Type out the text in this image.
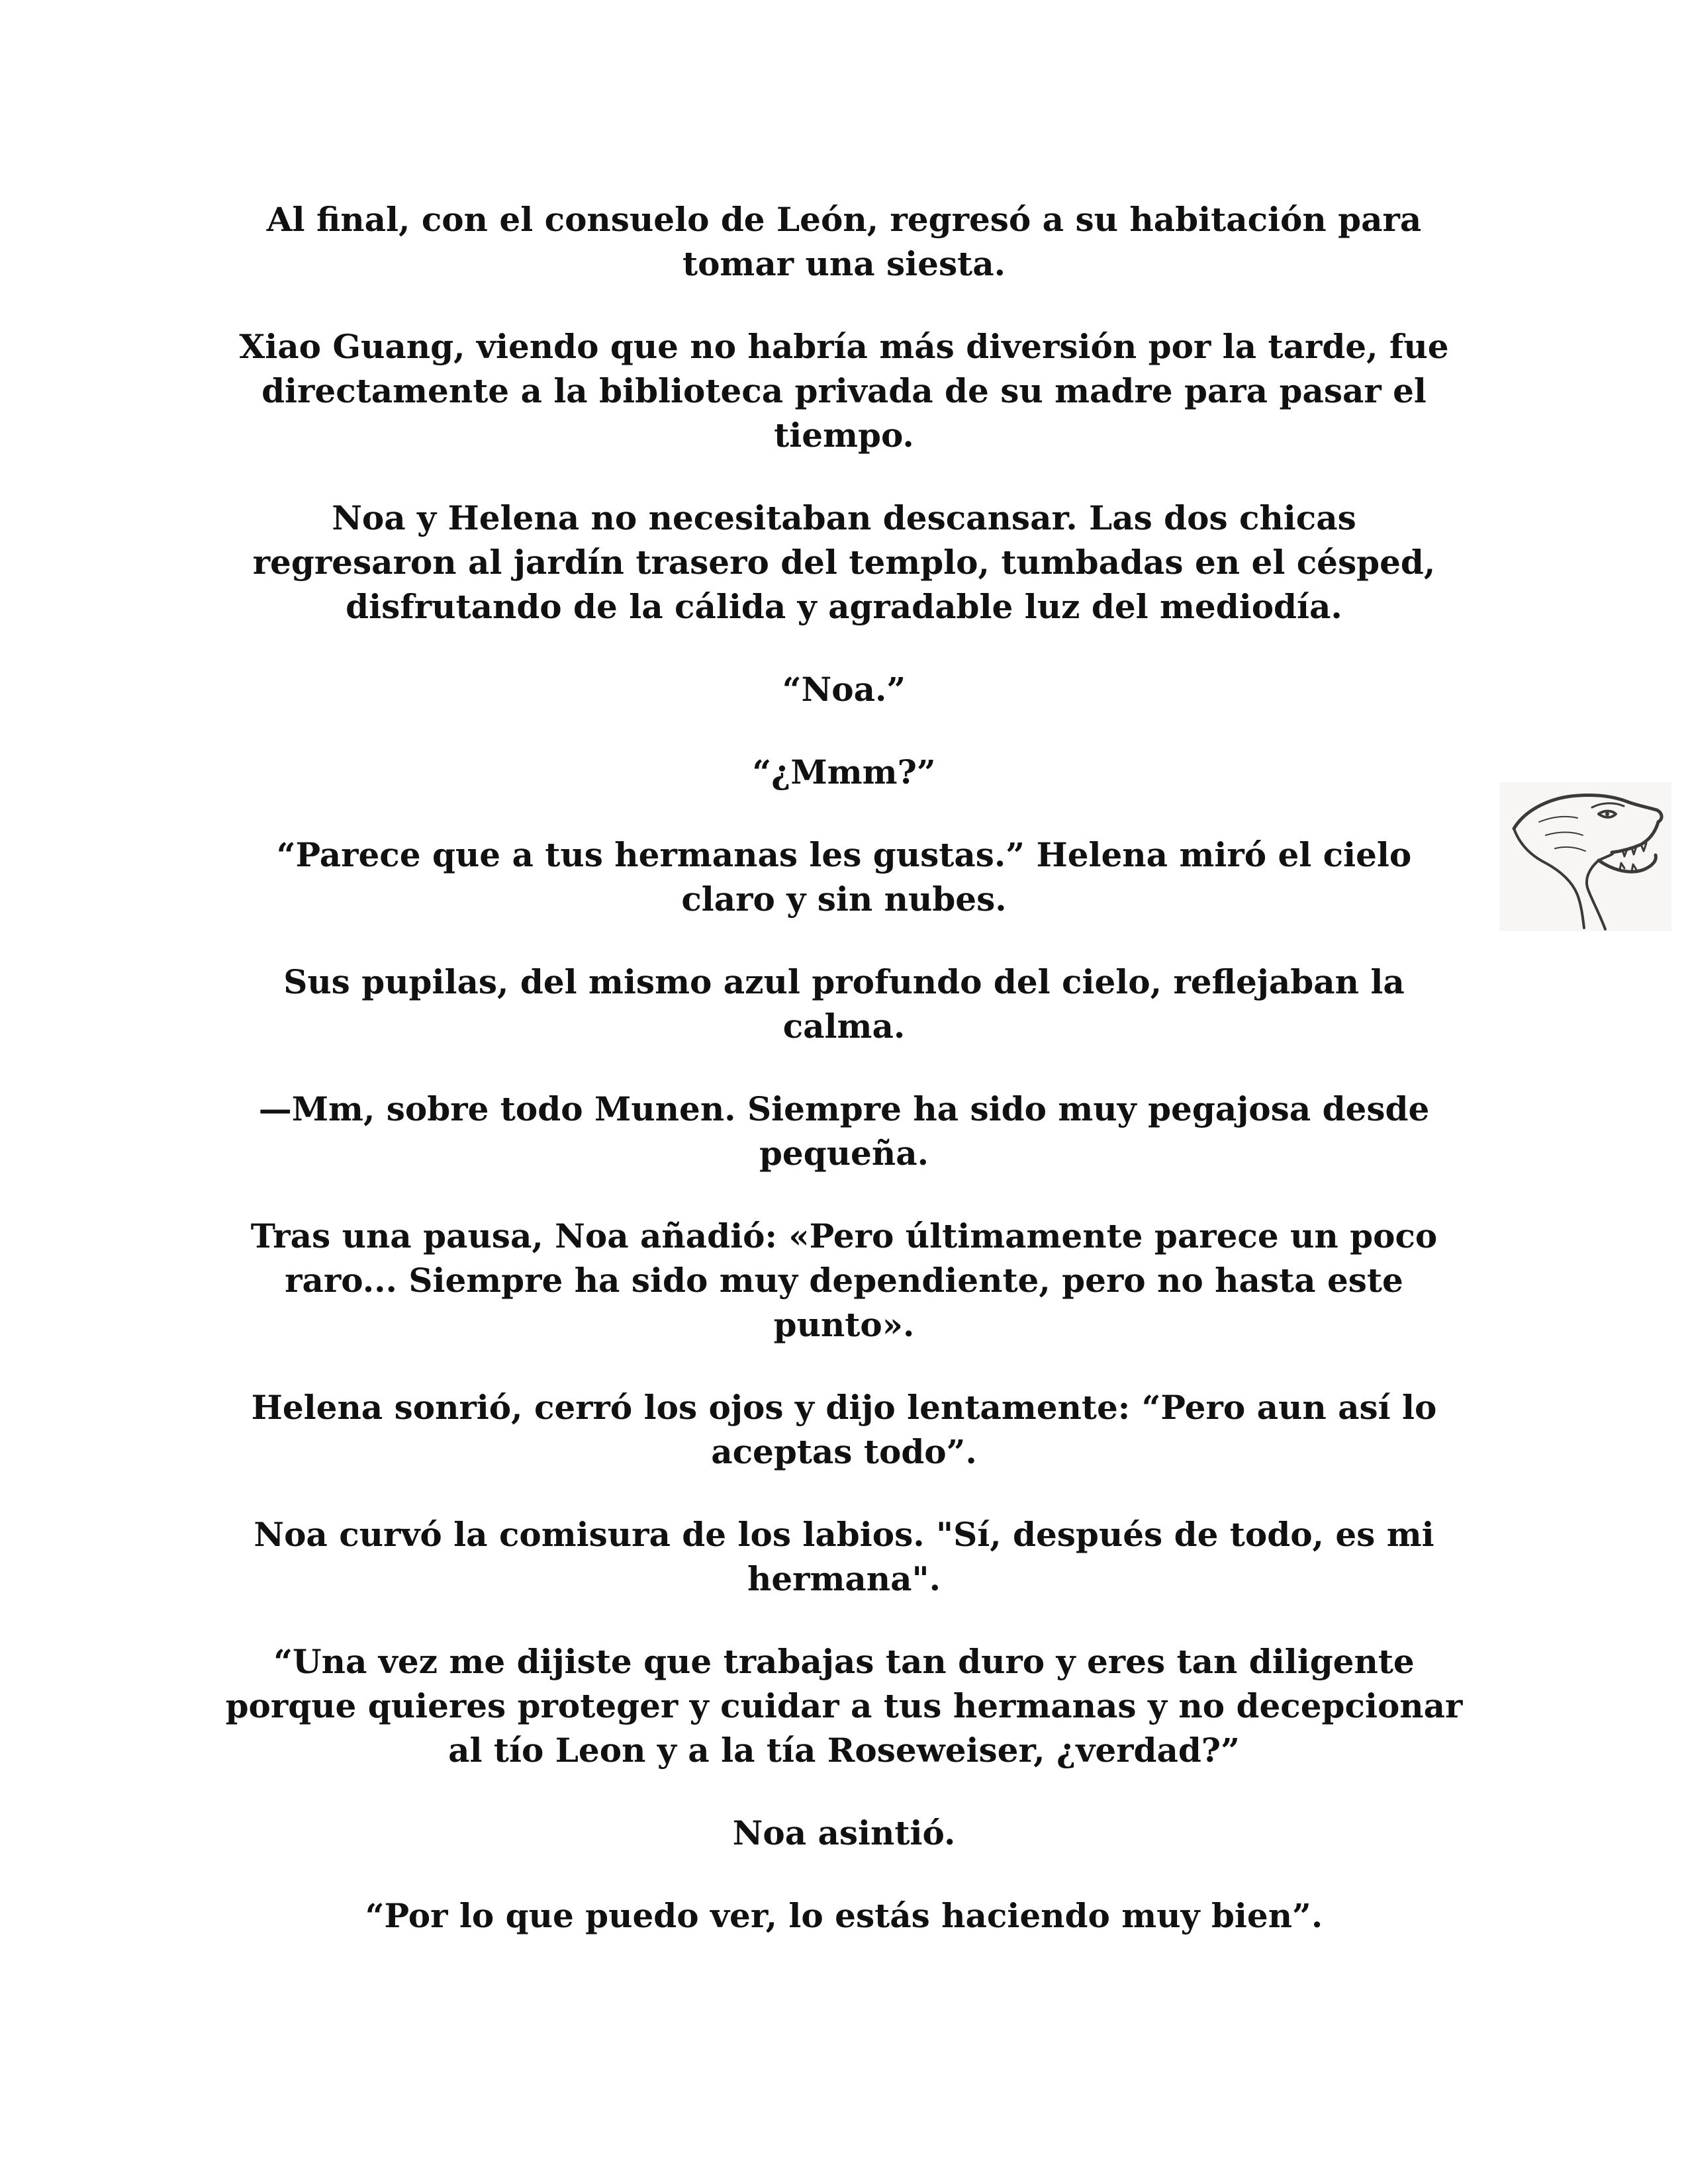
Al final, con el consuelo de León, regresó a su habitación para tomar una siesta.

Xiao Guang, viendo que no habría más diversión por la tarde, fue directamente a la biblioteca privada de su madre para pasar el tiempo.

Noa y Helena no necesitaban descansar. Las dos chicas regresaron al jardín trasero del templo, tumbadas en el césped, disfrutando de la cálida y agradable luz del mediodía.

“Noa.”

“¿Mmm?”

“Parece que a tus hermanas les gustas.” Helena miró el cielo claro y sin nubes.

Sus pupilas, del mismo azul profundo del cielo, reflejaban la calma.

—Mm, sobre todo Munen. Siempre ha sido muy pegajosa desde pequeña.

Tras una pausa, Noa añadió: «Pero últimamente parece un poco raro... Siempre ha sido muy dependiente, pero no hasta este punto».

Helena sonrió, cerró los ojos y dijo lentamente: “Pero aun así lo aceptas todo”.

Noa curvó la comisura de los labios. "Sí, después de todo, es mi hermana".

“Una vez me dijiste que trabajas tan duro y eres tan diligente porque quieres proteger y cuidar a tus hermanas y no decepcionar al tío Leon y a la tía Roseweiser, ¿verdad?”

Noa asintió.

“Por lo que puedo ver, lo estás haciendo muy bien”.
